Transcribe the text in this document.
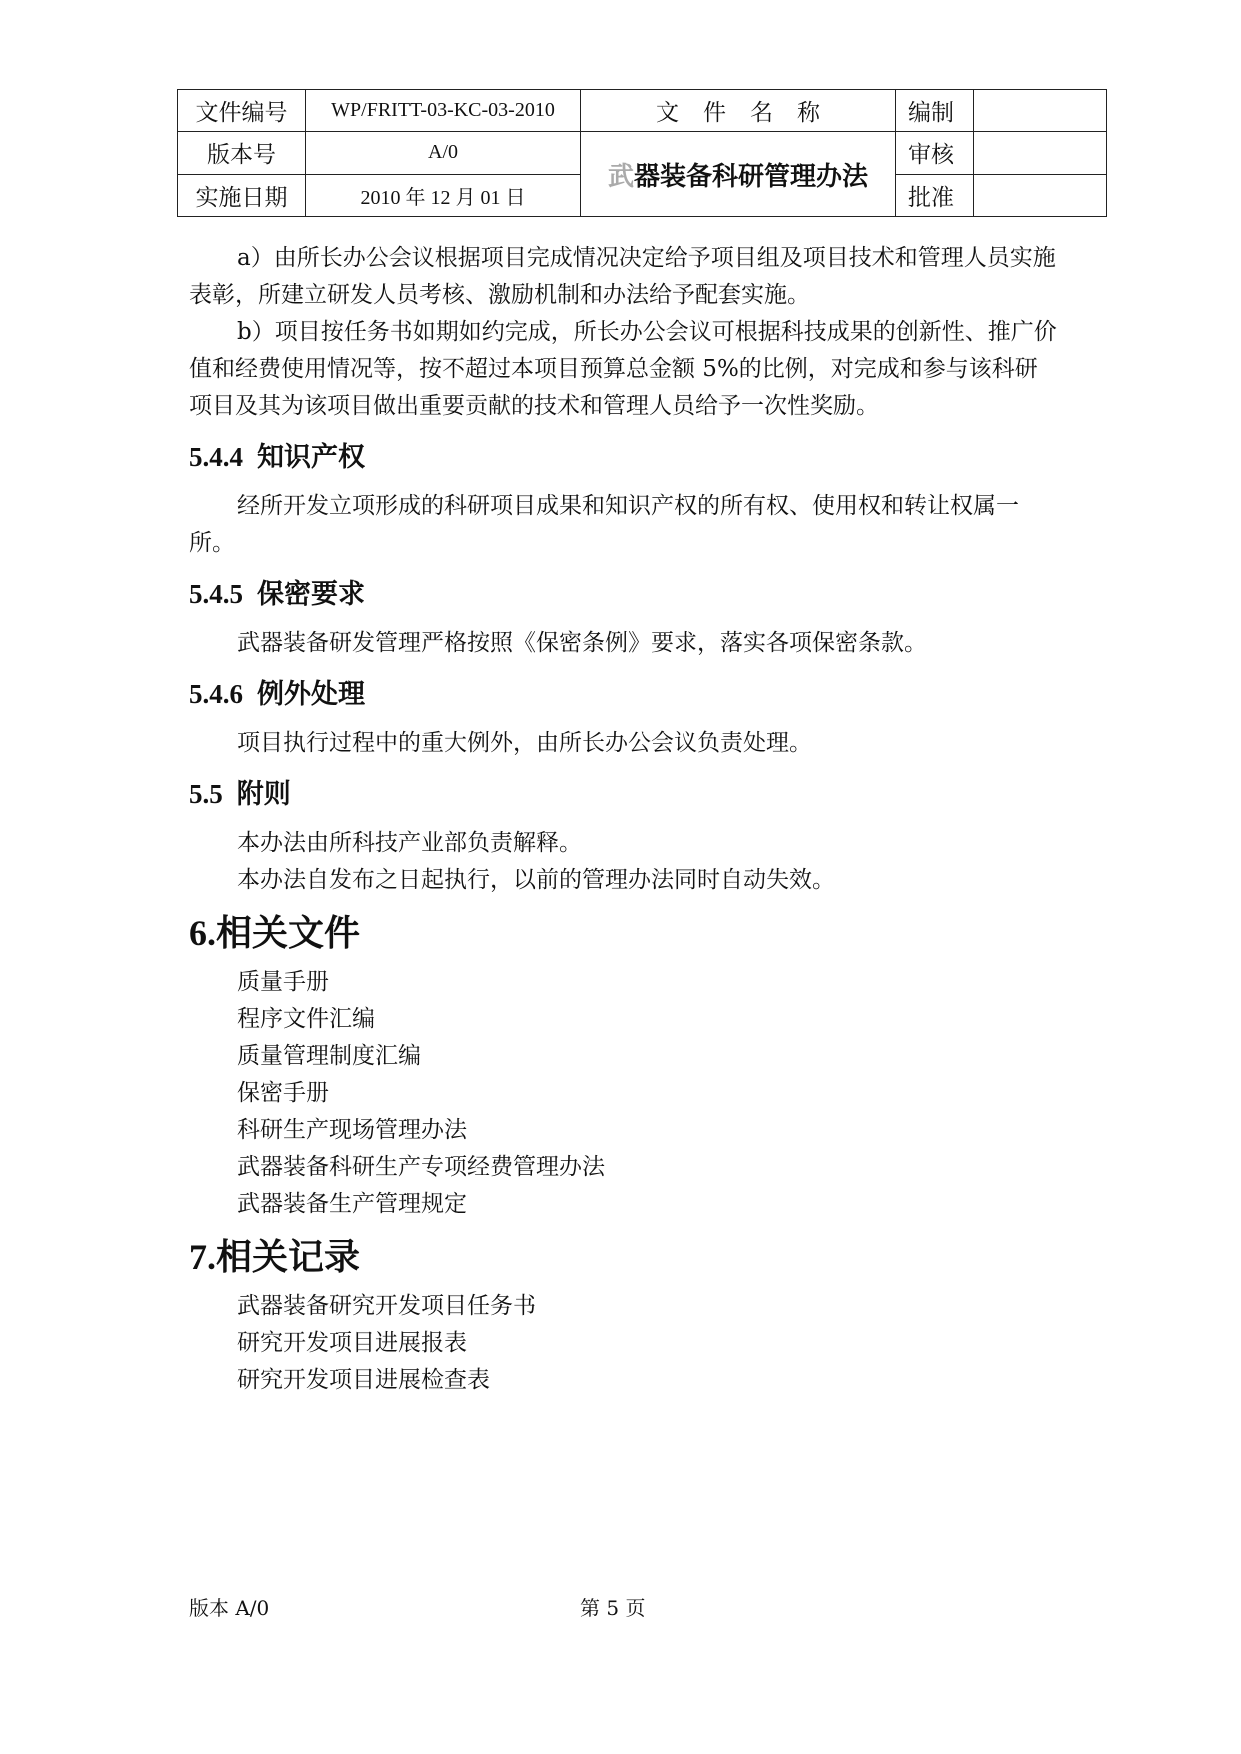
文件编号	WP/FRITT-03-KC-03-2010	文件名称	编制	
版本号	A/0	武器装备科研管理办法	审核	
实施日期	2010 年 12 月 01 日		批准	

a）由所长办公会议根据项目完成情况决定给予项目组及项目技术和管理人员实施表彰，所建立研发人员考核、激励机制和办法给予配套实施。

b）项目按任务书如期如约完成，所长办公会议可根据科技成果的创新性、推广价值和经费使用情况等，按不超过本项目预算总金额 5%的比例，对完成和参与该科研项目及其为该项目做出重要贡献的技术和管理人员给予一次性奖励。

5.4.4 知识产权

经所开发立项形成的科研项目成果和知识产权的所有权、使用权和转让权属一所。

5.4.5 保密要求

武器装备研发管理严格按照《保密条例》要求，落实各项保密条款。

5.4.6 例外处理

项目执行过程中的重大例外，由所长办公会议负责处理。

5.5 附则

本办法由所科技产业部负责解释。

本办法自发布之日起执行，以前的管理办法同时自动失效。

6.相关文件

质量手册

程序文件汇编

质量管理制度汇编

保密手册

科研生产现场管理办法

武器装备科研生产专项经费管理办法

武器装备生产管理规定

7.相关记录

武器装备研究开发项目任务书

研究开发项目进展报表

研究开发项目进展检查表

版本 A/0	第 5 页
